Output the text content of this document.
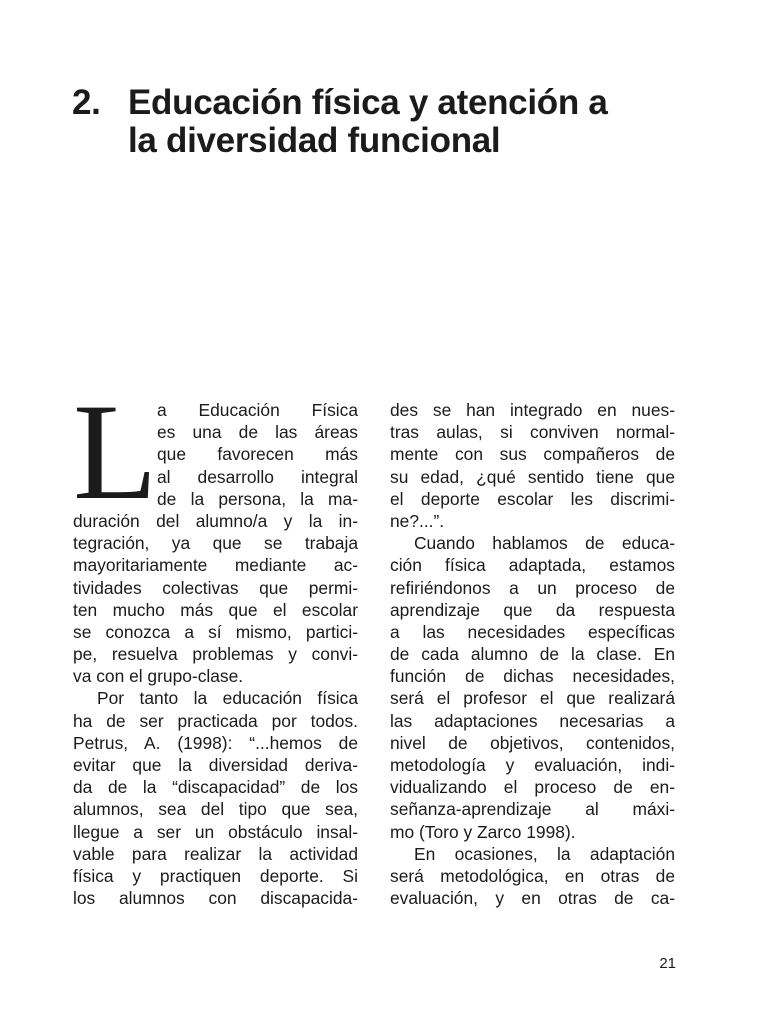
2. Educación física y atención a
la diversidad funcional
L a Educación Física
es una de las áreas
que favorecen más
al desarrollo integral
de la persona, la ma-
duración del alumno/a y la in-
tegración, ya que se trabaja
mayoritariamente mediante ac-
tividades colectivas que permi-
ten mucho más que el escolar
se conozca a sí mismo, partici-
pe, resuelva problemas y convi-
va con el grupo-clase.
Por tanto la educación física
ha de ser practicada por todos.
Petrus, A. (1998): “...hemos de
evitar que la diversidad deriva-
da de la “discapacidad” de los
alumnos, sea del tipo que sea,
llegue a ser un obstáculo insal-
vable para realizar la actividad
física y practiquen deporte. Si
los alumnos con discapacida-
des se han integrado en nues-
tras aulas, si conviven normal-
mente con sus compañeros de
su edad, ¿qué sentido tiene que
el deporte escolar les discrimi-
ne?...”.
Cuando hablamos de educa-
ción física adaptada, estamos
refiriéndonos a un proceso de
aprendizaje que da respuesta
a las necesidades específicas
de cada alumno de la clase. En
función de dichas necesidades,
será el profesor el que realizará
las adaptaciones necesarias a
nivel de objetivos, contenidos,
metodología y evaluación, indi-
vidualizando el proceso de en-
señanza-aprendizaje al máxi-
mo (Toro y Zarco 1998).
En ocasiones, la adaptación
será metodológica, en otras de
evaluación, y en otras de ca-
21
